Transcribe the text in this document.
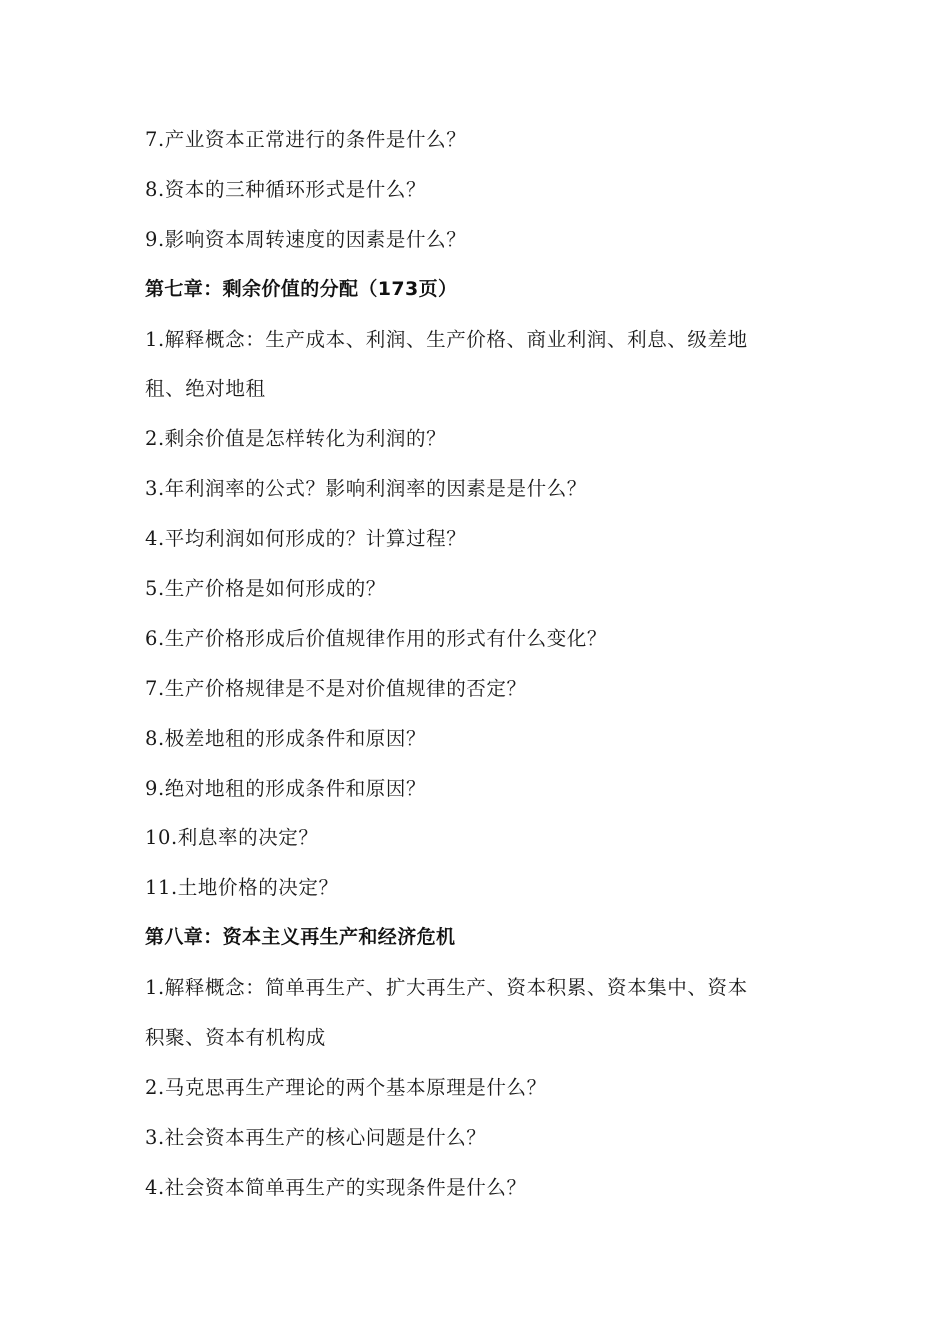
7.产业资本正常进行的条件是什么？
8.资本的三种循环形式是什么？
9.影响资本周转速度的因素是什么？
第七章：剩余价值的分配（173页）
1.解释概念：生产成本、利润、生产价格、商业利润、利息、级差地
租、绝对地租
2.剩余价值是怎样转化为利润的？
3.年利润率的公式？影响利润率的因素是是什么？
4.平均利润如何形成的？计算过程？
5.生产价格是如何形成的？
6.生产价格形成后价值规律作用的形式有什么变化？
7.生产价格规律是不是对价值规律的否定？
8.极差地租的形成条件和原因？
9.绝对地租的形成条件和原因？
10.利息率的决定？
11.土地价格的决定？
第八章：资本主义再生产和经济危机
1.解释概念：简单再生产、扩大再生产、资本积累、资本集中、资本
积聚、资本有机构成
2.马克思再生产理论的两个基本原理是什么？
3.社会资本再生产的核心问题是什么？
4.社会资本简单再生产的实现条件是什么？
